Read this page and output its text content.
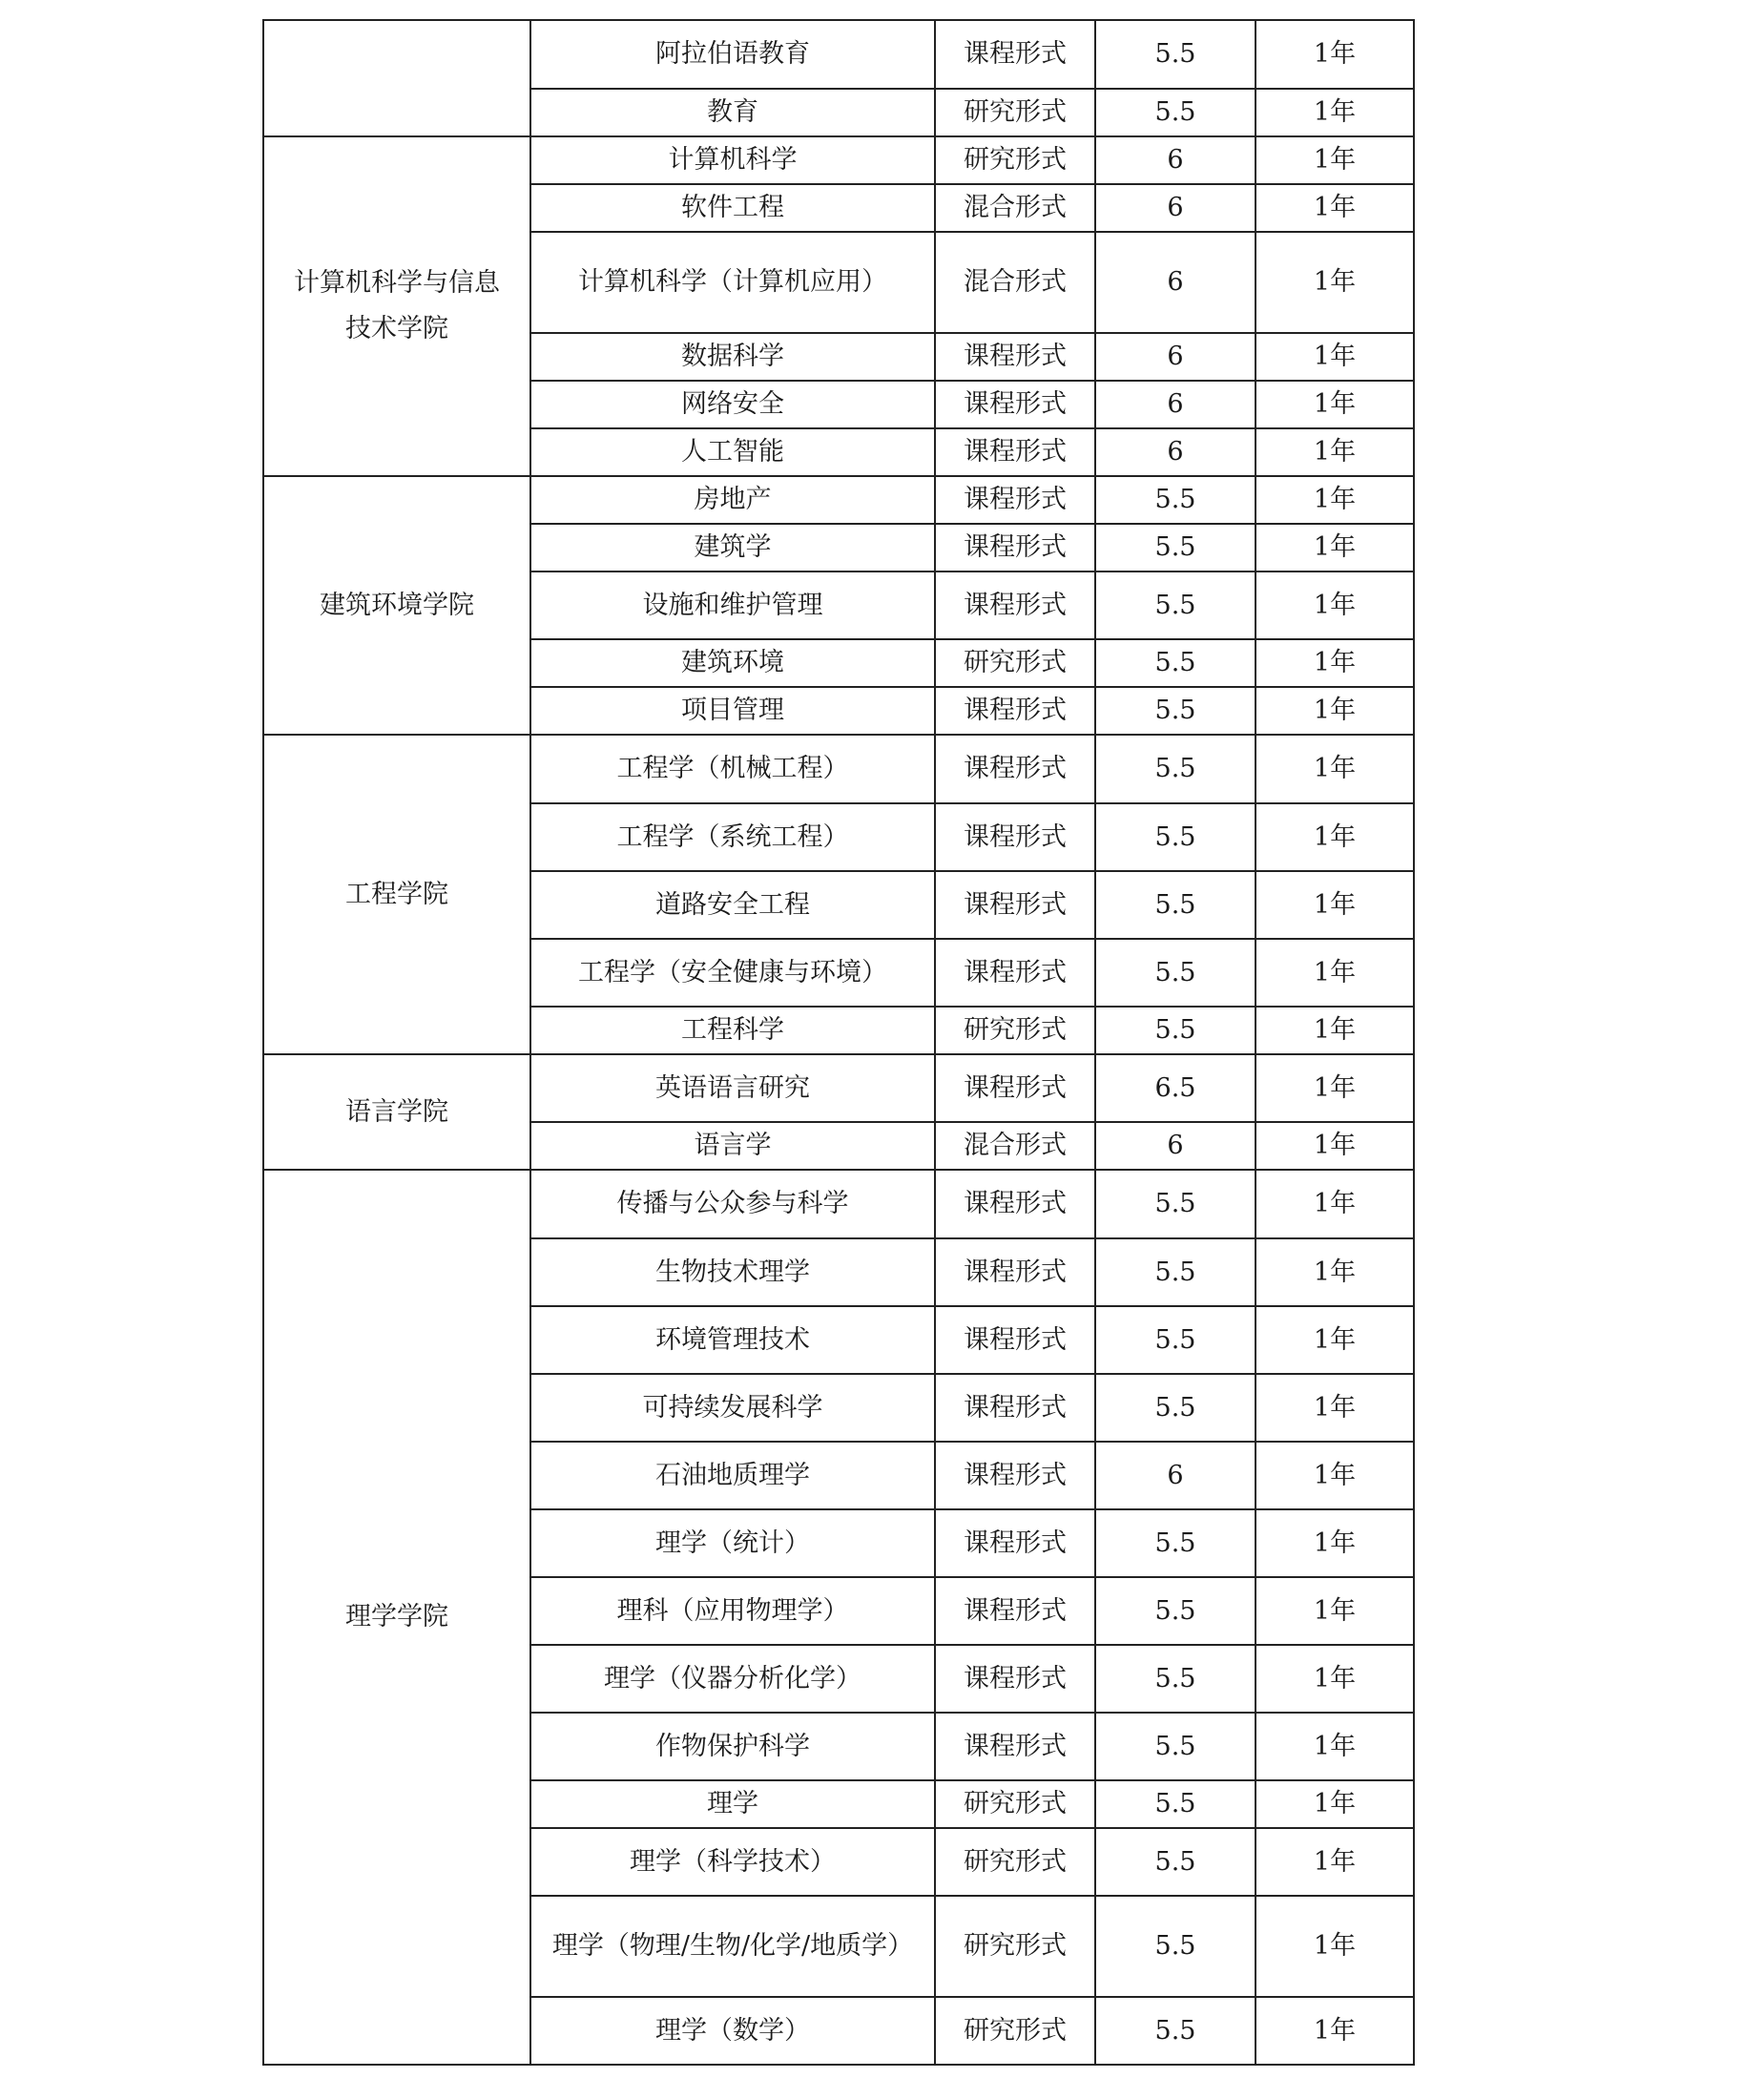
	阿拉伯语教育	课程形式	5.5	1年
	教育	研究形式	5.5	1年
计算机科学与信息技术学院	计算机科学	研究形式	6	1年
	软件工程	混合形式	6	1年
	计算机科学（计算机应用）	混合形式	6	1年
	数据科学	课程形式	6	1年
	网络安全	课程形式	6	1年
	人工智能	课程形式	6	1年
建筑环境学院	房地产	课程形式	5.5	1年
	建筑学	课程形式	5.5	1年
	设施和维护管理	课程形式	5.5	1年
	建筑环境	研究形式	5.5	1年
	项目管理	课程形式	5.5	1年
工程学院	工程学（机械工程）	课程形式	5.5	1年
	工程学（系统工程）	课程形式	5.5	1年
	道路安全工程	课程形式	5.5	1年
	工程学（安全健康与环境）	课程形式	5.5	1年
	工程科学	研究形式	5.5	1年
语言学院	英语语言研究	课程形式	6.5	1年
	语言学	混合形式	6	1年
理学学院	传播与公众参与科学	课程形式	5.5	1年
	生物技术理学	课程形式	5.5	1年
	环境管理技术	课程形式	5.5	1年
	可持续发展科学	课程形式	5.5	1年
	石油地质理学	课程形式	6	1年
	理学（统计）	课程形式	5.5	1年
	理科（应用物理学）	课程形式	5.5	1年
	理学（仪器分析化学）	课程形式	5.5	1年
	作物保护科学	课程形式	5.5	1年
	理学	研究形式	5.5	1年
	理学（科学技术）	研究形式	5.5	1年
	理学（物理/生物/化学/地质学）	研究形式	5.5	1年
	理学（数学）	研究形式	5.5	1年
